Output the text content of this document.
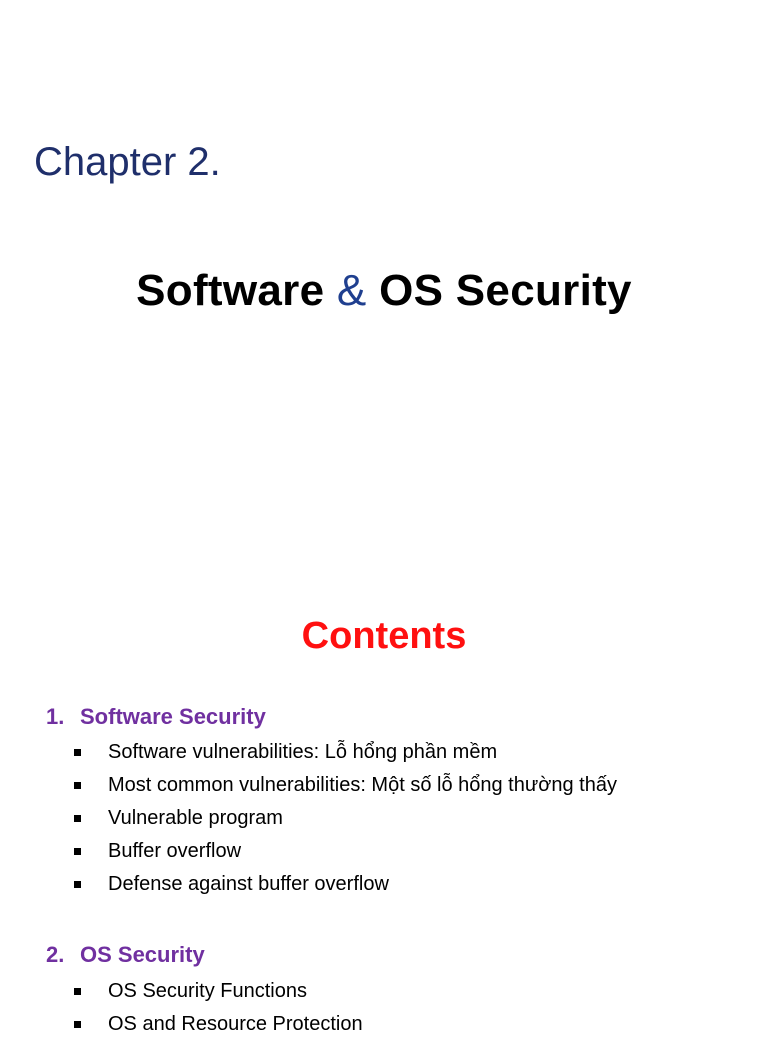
Chapter 2.
Software & OS Security
Contents
1. Software Security
Software vulnerabilities: Lỗ hổng phần mềm
Most common vulnerabilities: Một số lỗ hổng thường thấy
Vulnerable program
Buffer overflow
Defense against buffer overflow
2. OS Security
OS Security Functions
OS and Resource Protection
